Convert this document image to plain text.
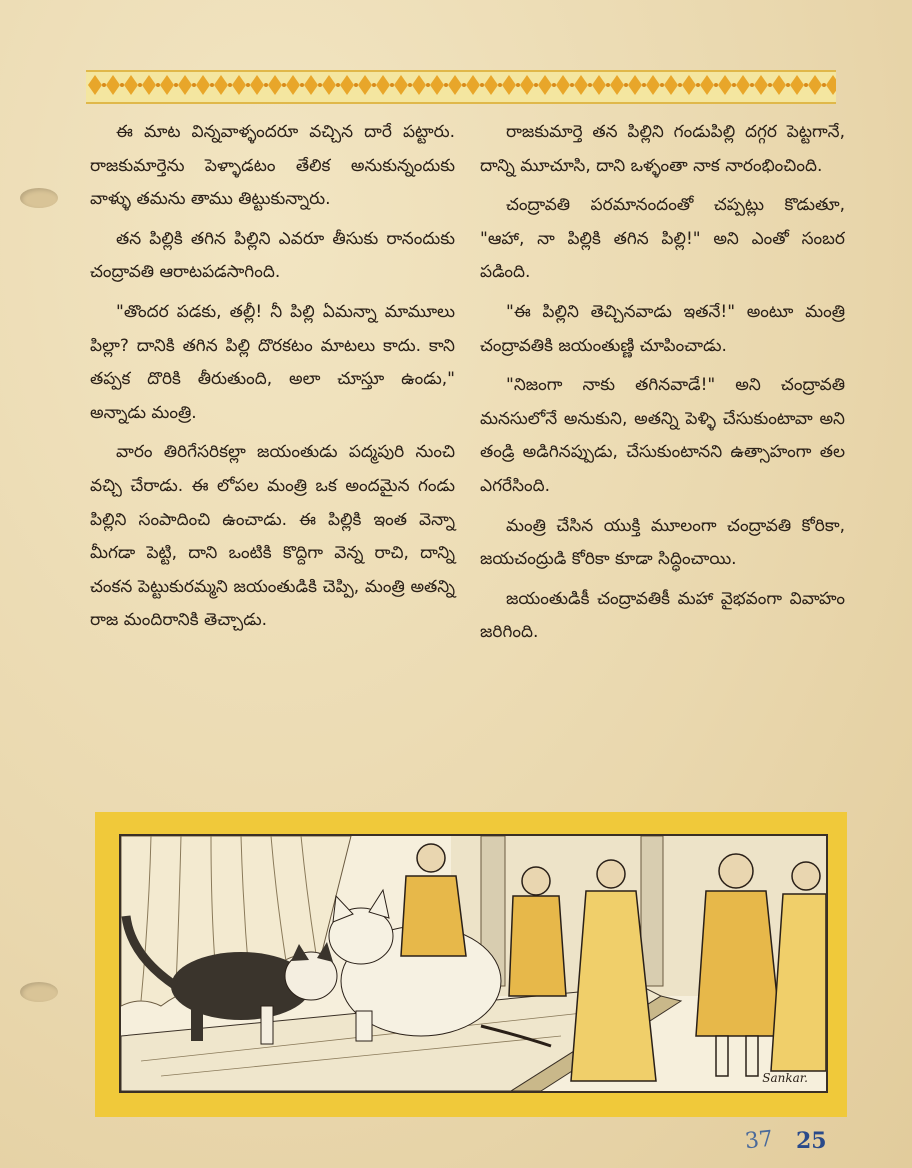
ఈ మాట విన్నవాళ్ళందరూ వచ్చిన దారే పట్టారు. రాజకుమార్తెను పెళ్ళాడటం తేలిక అనుకున్నందుకు వాళ్ళు తమను తాము తిట్టుకున్నారు.

తన పిల్లికి తగిన పిల్లిని ఎవరూ తీసుకు రానందుకు చంద్రావతి ఆరాటపడసాగింది.

"తొందర పడకు, తల్లీ! నీ పిల్లి ఏమన్నా మామూలు పిల్లా? దానికి తగిన పిల్లి దొరకటం మాటలు కాదు. కాని తప్పక దొరికి తీరుతుంది, అలా చూస్తూ ఉండు," అన్నాడు మంత్రి.

వారం తిరిగేసరికల్లా జయంతుడు పద్మపురి నుంచి వచ్చి చేరాడు. ఈ లోపల మంత్రి ఒక అందమైన గండు పిల్లిని సంపాదించి ఉంచాడు. ఈ పిల్లికి ఇంత వెన్నా మీగడా పెట్టి, దాని ఒంటికి కొద్దిగా వెన్న రాచి, దాన్ని చంకన పెట్టుకురమ్మని జయంతుడికి చెప్పి, మంత్రి అతన్ని రాజ మందిరానికి తెచ్చాడు.

రాజకుమార్తె తన పిల్లిని గండుపిల్లి దగ్గర పెట్టగానే, దాన్ని మూచూసి, దాని ఒళ్ళంతా నాక నారంభించింది.

చంద్రావతి పరమానందంతో చప్పట్లు కొడుతూ, "ఆహా, నా పిల్లికి తగిన పిల్లి!" అని ఎంతో సంబర పడింది.

"ఈ పిల్లిని తెచ్చినవాడు ఇతనే!" అంటూ మంత్రి చంద్రావతికి జయంతుణ్ణి చూపించాడు.

"నిజంగా నాకు తగినవాడే!" అని చంద్రావతి మనసులోనే అనుకుని, అతన్ని పెళ్ళి చేసుకుంటావా అని తండ్రి అడిగినప్పుడు, చేసుకుంటానని ఉత్సాహంగా తల ఎగరేసింది.

మంత్రి చేసిన యుక్తి మూలంగా చంద్రావతి కోరికా, జయచంద్రుడి కోరికా కూడా సిద్ధించాయి.

జయంతుడికీ చంద్రావతికీ మహా వైభవంగా వివాహం జరిగింది.

Sankar.
37 25
